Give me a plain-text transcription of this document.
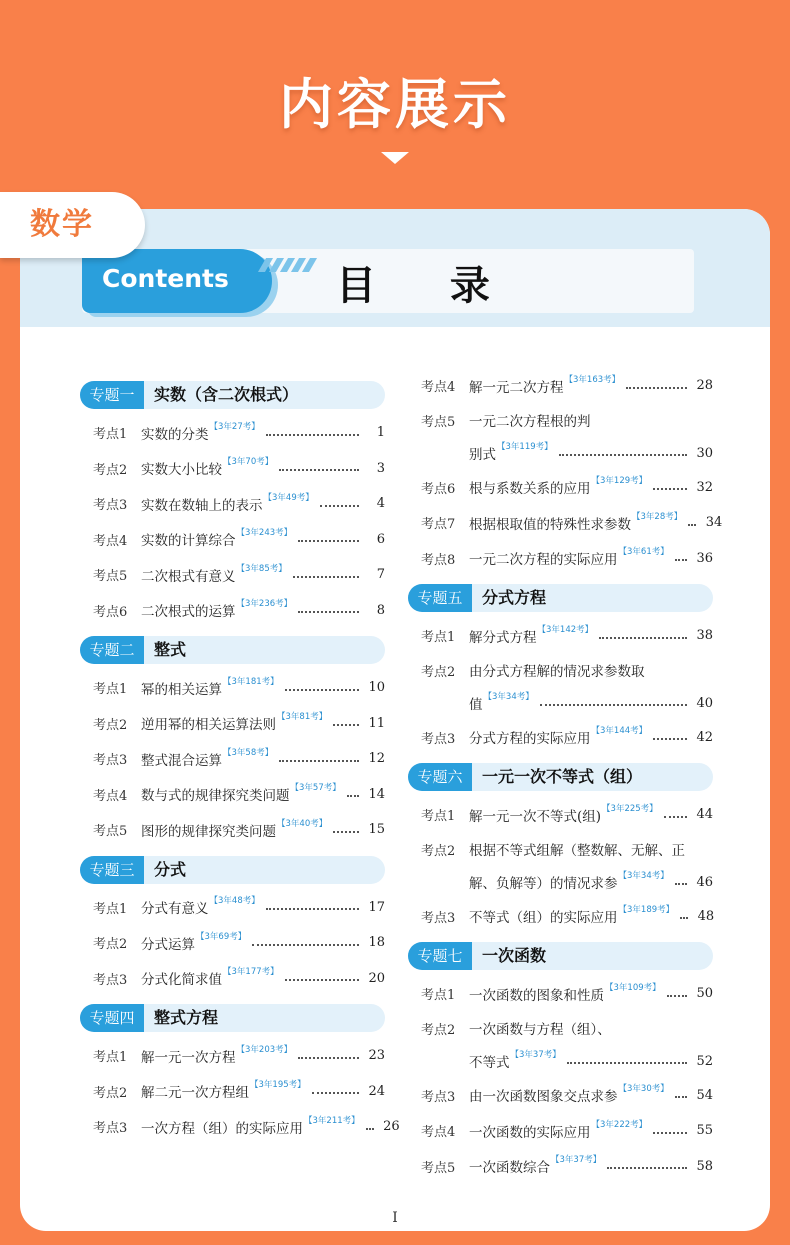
内容展示
数学
Contents	目 录
专题一	实数（含二次根式）
考点1	实数的分类 【3年27考】	1
考点2	实数大小比较 【3年70考】	3
考点3	实数在数轴上的表示 【3年49考】	4
考点4	实数的计算综合 【3年243考】	6
考点5	二次根式有意义 【3年85考】	7
考点6	二次根式的运算 【3年236考】	8
专题二	整式
考点1	幂的相关运算 【3年181考】	10
考点2	逆用幂的相关运算法则 【3年81考】	11
考点3	整式混合运算 【3年58考】	12
考点4	数与式的规律探究类问题 【3年57考】 14
考点5	图形的规律探究类问题 【3年40考】	15
专题三	分式
考点1	分式有意义 【3年48考】	17
考点2	分式运算 【3年69考】	18
考点3	分式化简求值 【3年177考】	20
专题四	整式方程
考点1	解一元一次方程 【3年203考】	23
考点2	解二元一次方程组 【3年195考】	24
考点3	一次方程（组）的实际应用 【3年211考】 26
考点4	解一元二次方程 【3年163考】	28
考点5	一元二次方程根的判
别式 【3年119考】	30
考点6	根与系数关系的应用 【3年129考】	32
考点7	根据根取值的特殊性求参数 【3年28考】 34
考点8	一元二次方程的实际应用 【3年61考】 36
专题五	分式方程
考点1	解分式方程 【3年142考】	38
考点2	由分式方程解的情况求参数取
值 【3年34考】	40
考点3	分式方程的实际应用 【3年144考】	42
专题六	一元一次不等式（组）
考点1	解一元一次不等式(组) 【3年225考】	44
考点2	根据不等式组解（整数解、无解、正
解、负解等）的情况求参 【3年34考】 46
考点3	不等式（组）的实际应用 【3年189考】 48
专题七	一次函数
考点1	一次函数的图象和性质 【3年109考】	50
考点2	一次函数与方程（组）、
不等式 【3年37考】	52
考点3	由一次函数图象交点求参 【3年30考】 54
考点4	一次函数的实际应用 【3年222考】	55
考点5	一次函数综合 【3年37考】	58
I
